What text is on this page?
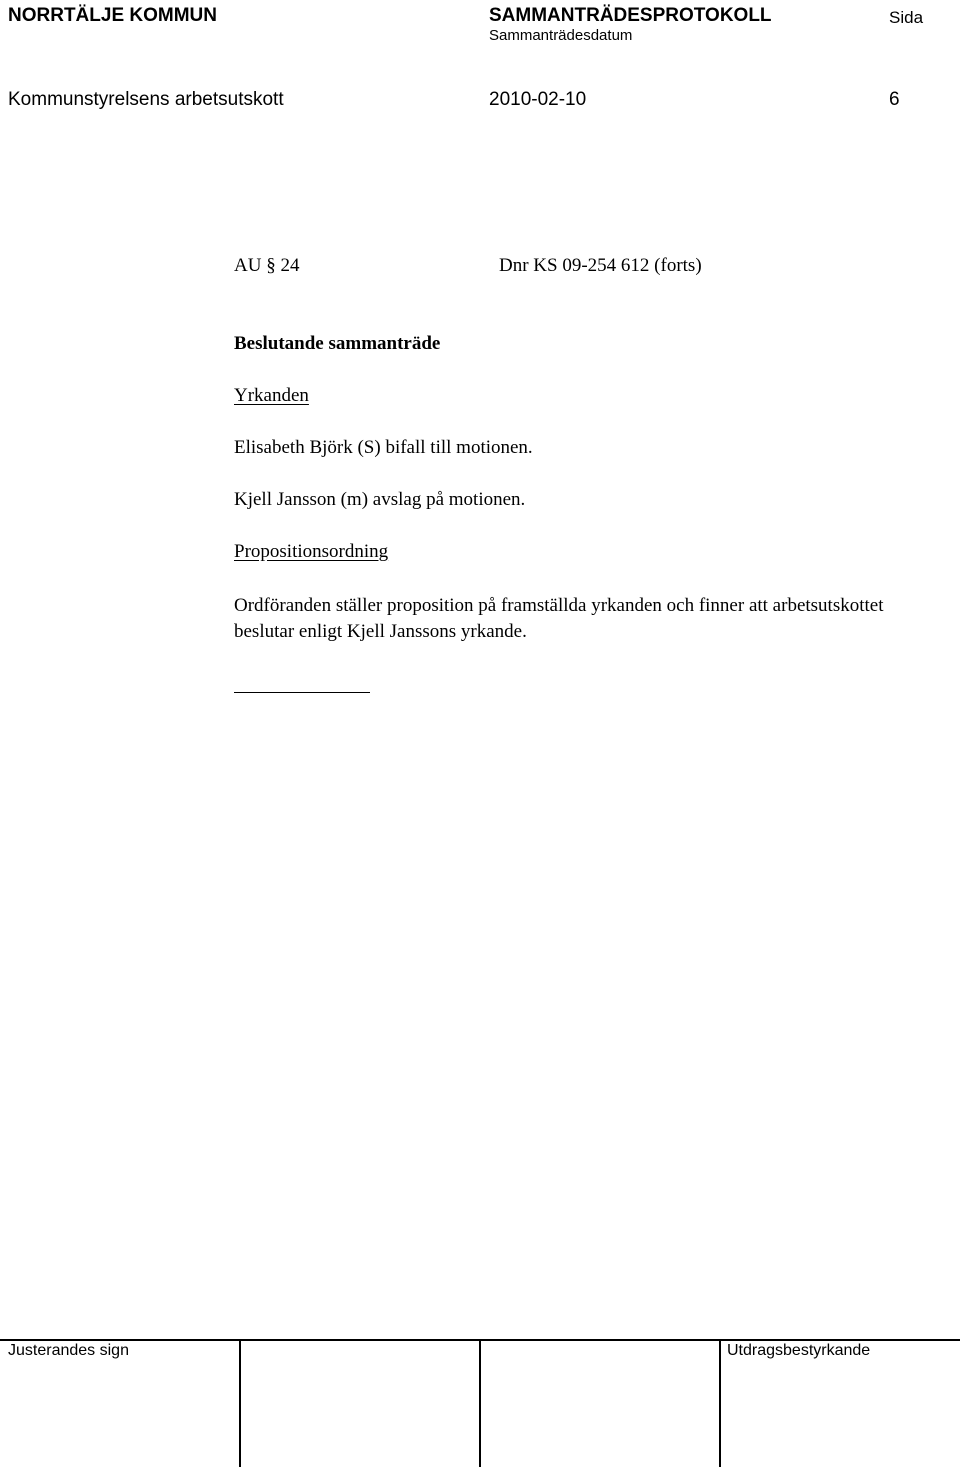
NORRTÄLJE KOMMUN	SAMMANTRÄDESPROTOKOLL
Sammanträdesdatum
Sida
Kommunstyrelsens arbetsutskott	2010-02-10	6
AU § 24	Dnr KS 09-254 612 (forts)
Beslutande sammanträde
Yrkanden
Elisabeth Björk (S) bifall till motionen.
Kjell Jansson (m) avslag på motionen.
Propositionsordning
Ordföranden ställer proposition på framställda yrkanden och finner att arbetsutskottet beslutar enligt Kjell Janssons yrkande.
Justerandes sign	Utdragsbestyrkande
